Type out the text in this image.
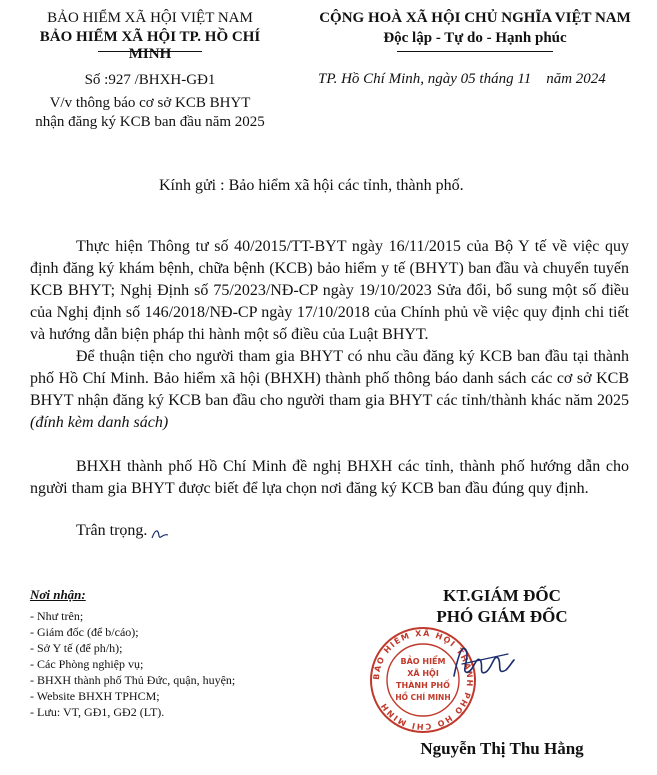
BẢO HIỂM XÃ HỘI VIỆT NAM
BẢO HIỂM XÃ HỘI TP. HỒ CHÍ MINH
Số :927 /BHXH-GĐ1
V/v thông báo cơ sở KCB BHYT
nhận đăng ký KCB ban đầu năm 2025
CỘNG HOÀ XÃ HỘI CHỦ NGHĨA VIỆT NAM
Độc lập - Tự do - Hạnh phúc
TP. Hồ Chí Minh, ngày 05 tháng 11    năm 2024
Kính gửi : Bảo hiểm xã hội các tỉnh, thành phố.
Thực hiện Thông tư số 40/2015/TT-BYT ngày 16/11/2015 của Bộ Y tế về việc quy định đăng ký khám bệnh, chữa bệnh (KCB) bảo hiểm y tế (BHYT) ban đầu và chuyển tuyến KCB BHYT; Nghị Định số 75/2023/NĐ-CP ngày 19/10/2023 Sửa đổi, bổ sung một số điều của Nghị định số 146/2018/NĐ-CP ngày 17/10/2018 của Chính phủ về việc quy định chi tiết và hướng dẫn biện pháp thi hành một số điều của Luật BHYT.
Để thuận tiện cho người tham gia BHYT có nhu cầu đăng ký KCB ban đầu tại thành phố Hồ Chí Minh. Bảo hiểm xã hội (BHXH) thành phố thông báo danh sách các cơ sở KCB BHYT nhận đăng ký KCB ban đầu cho người tham gia BHYT các tỉnh/thành khác năm 2025 (đính kèm danh sách)
BHXH thành phố Hồ Chí Minh đề nghị BHXH các tỉnh, thành phố hướng dẫn cho người tham gia BHYT được biết để lựa chọn nơi đăng ký KCB ban đầu đúng quy định.
Trân trọng.
Nơi nhận:
- Như trên;
- Giám đốc (để b/cáo);
- Sở Y tế (để ph/h);
- Các Phòng nghiệp vụ;
- BHXH thành phố Thủ Đức, quận, huyện;
- Website BHXH TPHCM;
- Lưu: VT, GĐ1, GĐ2 (LT).
KT.GIÁM ĐỐC
PHÓ GIÁM ĐỐC
BẢO HIỂM XÃ HỘI THÀNH PHỐ HỒ CHÍ MINH
BẢO HIỂM
XÃ HỘI
THÀNH PHỐ
HỒ CHÍ MINH
Nguyễn Thị Thu Hằng
